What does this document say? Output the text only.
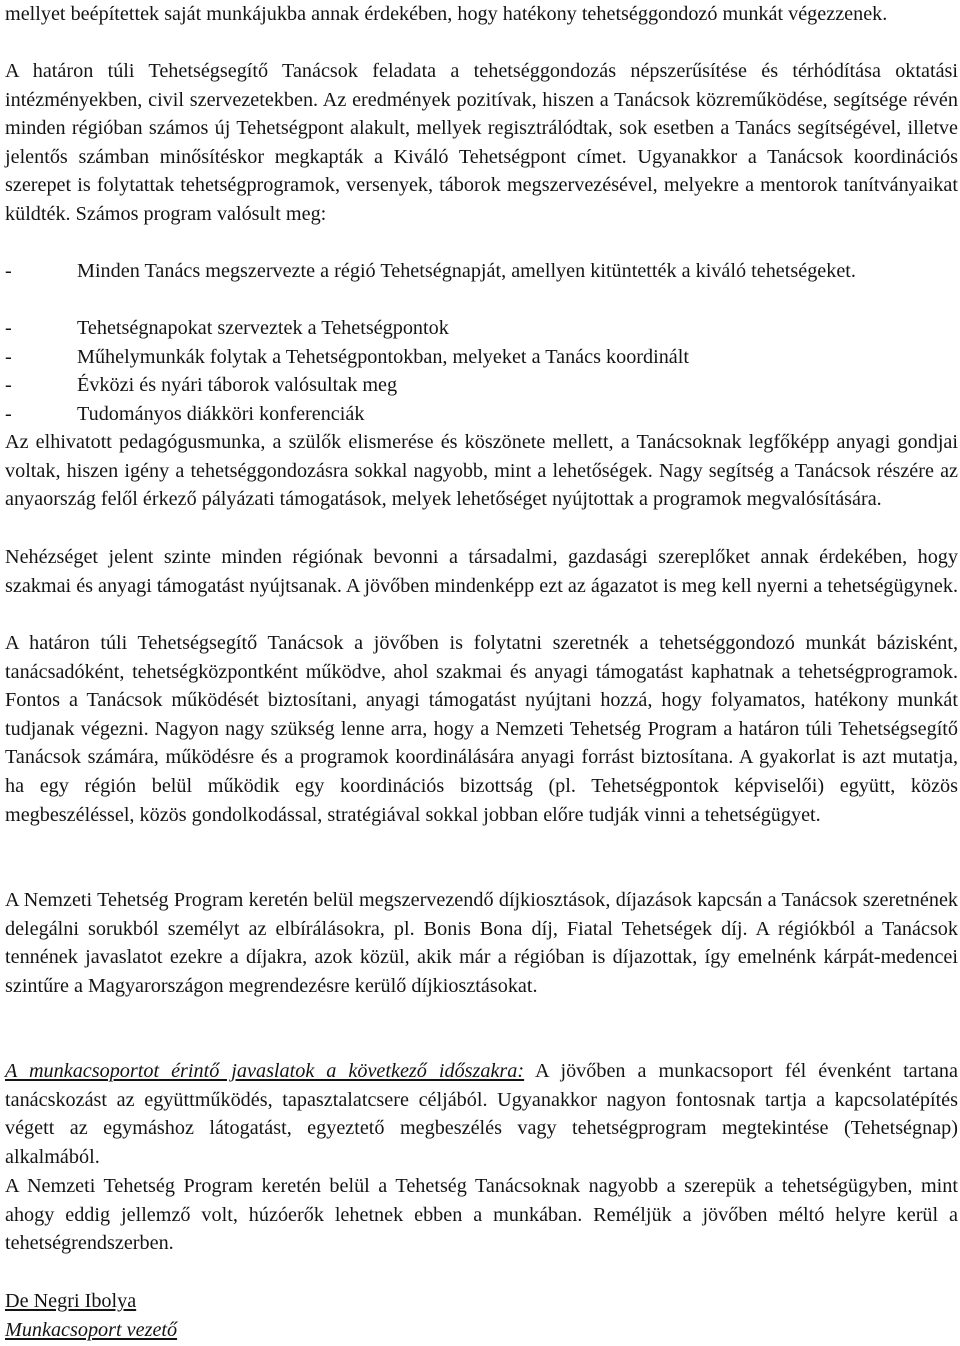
mellyet beépítettek saját munkájukba annak érdekében, hogy hatékony tehetséggondozó munkát végezzenek.

A határon túli Tehetségsegítő Tanácsok feladata a tehetséggondozás népszerűsítése és térhódítása oktatási intézményekben, civil szervezetekben. Az eredmények pozitívak, hiszen a Tanácsok közreműködése, segítsége révén minden régióban számos új Tehetségpont alakult, mellyek regisztrálódtak, sok esetben a Tanács segítségével, illetve jelentős számban minősítéskor megkapták a Kiváló Tehetségpont címet. Ugyanakkor a Tanácsok koordinációs szerepet is folytattak tehetségprogramok, versenyek, táborok megszervezésével, melyekre a mentorok tanítványaikat küldték. Számos program valósult meg:

-	Minden Tanács megszervezte a régió Tehetségnapját, amellyen kitüntették a kiváló tehetségeket.

-	Tehetségnapokat szerveztek a Tehetségpontok

-	Műhelymunkák folytak a Tehetségpontokban, melyeket a Tanács koordinált

-	Évközi és nyári táborok valósultak meg

-	Tudományos diákköri konferenciák

Az elhivatott pedagógusmunka, a szülők elismerése és köszönete mellett, a Tanácsoknak legfőképp anyagi gondjai voltak, hiszen igény a tehetséggondozásra sokkal nagyobb, mint a lehetőségek. Nagy segítség a Tanácsok részére az anyaország felől érkező pályázati támogatások, melyek lehetőséget nyújtottak a programok megvalósítására.

Nehézséget jelent szinte minden régiónak bevonni a társadalmi, gazdasági szereplőket annak érdekében, hogy szakmai és anyagi támogatást nyújtsanak. A jövőben mindenképp ezt az ágazatot is meg kell nyerni a tehetségügynek.

A határon túli Tehetségsegítő Tanácsok a jövőben is folytatni szeretnék a tehetséggondozó munkát bázisként, tanácsadóként, tehetségközpontként működve, ahol szakmai és anyagi támogatást kaphatnak a tehetségprogramok. Fontos a Tanácsok működését biztosítani, anyagi támogatást nyújtani hozzá, hogy folyamatos, hatékony munkát tudjanak végezni. Nagyon nagy szükség lenne arra, hogy a Nemzeti Tehetség Program a határon túli Tehetségsegítő Tanácsok számára, működésre és a programok koordinálására anyagi forrást biztosítana. A gyakorlat is azt mutatja, ha egy régión belül működik egy koordinációs bizottság (pl. Tehetségpontok képviselői) együtt, közös megbeszéléssel, közös gondolkodással, stratégiával sokkal jobban előre tudják vinni a tehetségügyet.

A Nemzeti Tehetség Program keretén belül megszervezendő díjkiosztások, díjazások kapcsán a Tanácsok szeretnének delegálni sorukból személyt az elbírálásokra, pl. Bonis Bona díj, Fiatal Tehetségek díj. A régiókból a Tanácsok tennének javaslatot ezekre a díjakra, azok közül, akik már a régióban is díjazottak, így emelnénk kárpát-medencei szintűre a Magyarországon megrendezésre kerülő díjkiosztásokat.

A munkacsoportot érintő javaslatok a következő időszakra: A jövőben a munkacsoport fél évenként tartana tanácskozást az együttműködés, tapasztalatcsere céljából. Ugyanakkor nagyon fontosnak tartja a kapcsolatépítés végett az egymáshoz látogatást, egyeztető megbeszélés vagy tehetségprogram megtekintése (Tehetségnap) alkalmából.

A Nemzeti Tehetség Program keretén belül a Tehetség Tanácsoknak nagyobb a szerepük a tehetségügyben, mint ahogy eddig jellemző volt, húzóerők lehetnek ebben a munkában. Reméljük a jövőben méltó helyre kerül a tehetségrendszerben.

De Negri Ibolya

Munkacsoport vezető
